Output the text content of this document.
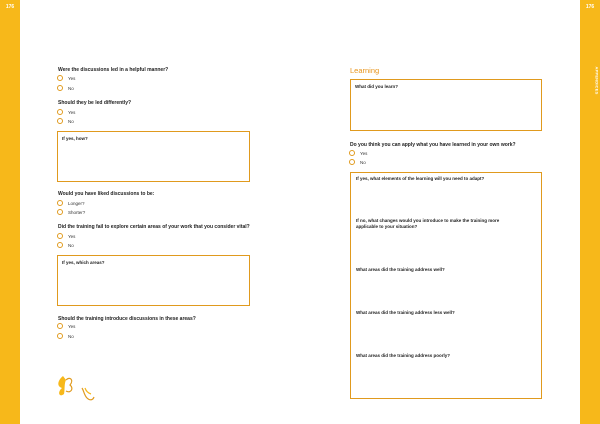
176	176
APPENDICES
APPENDICES
Were the discussions led in a helpful manner?
Yes
No
Should they be led differently?
Yes
No
If yes, how?
Would you have liked discussions to be:
Longer?
Shorter?
Did the training fail to explore certain areas of your work that you consider vital?
Yes
No
If yes, which areas?
Should the training introduce discussions in these areas?
Yes
No
Learning
What did you learn?
Do you think you can apply what you have learned in your own work?
Yes
No
If yes, what elements of the learning will you need to adapt?
If no, what changes would you introduce to make the training more applicable to your situation?
What areas did the training address well?
What areas did the training address less well?
What areas did the training address poorly?
